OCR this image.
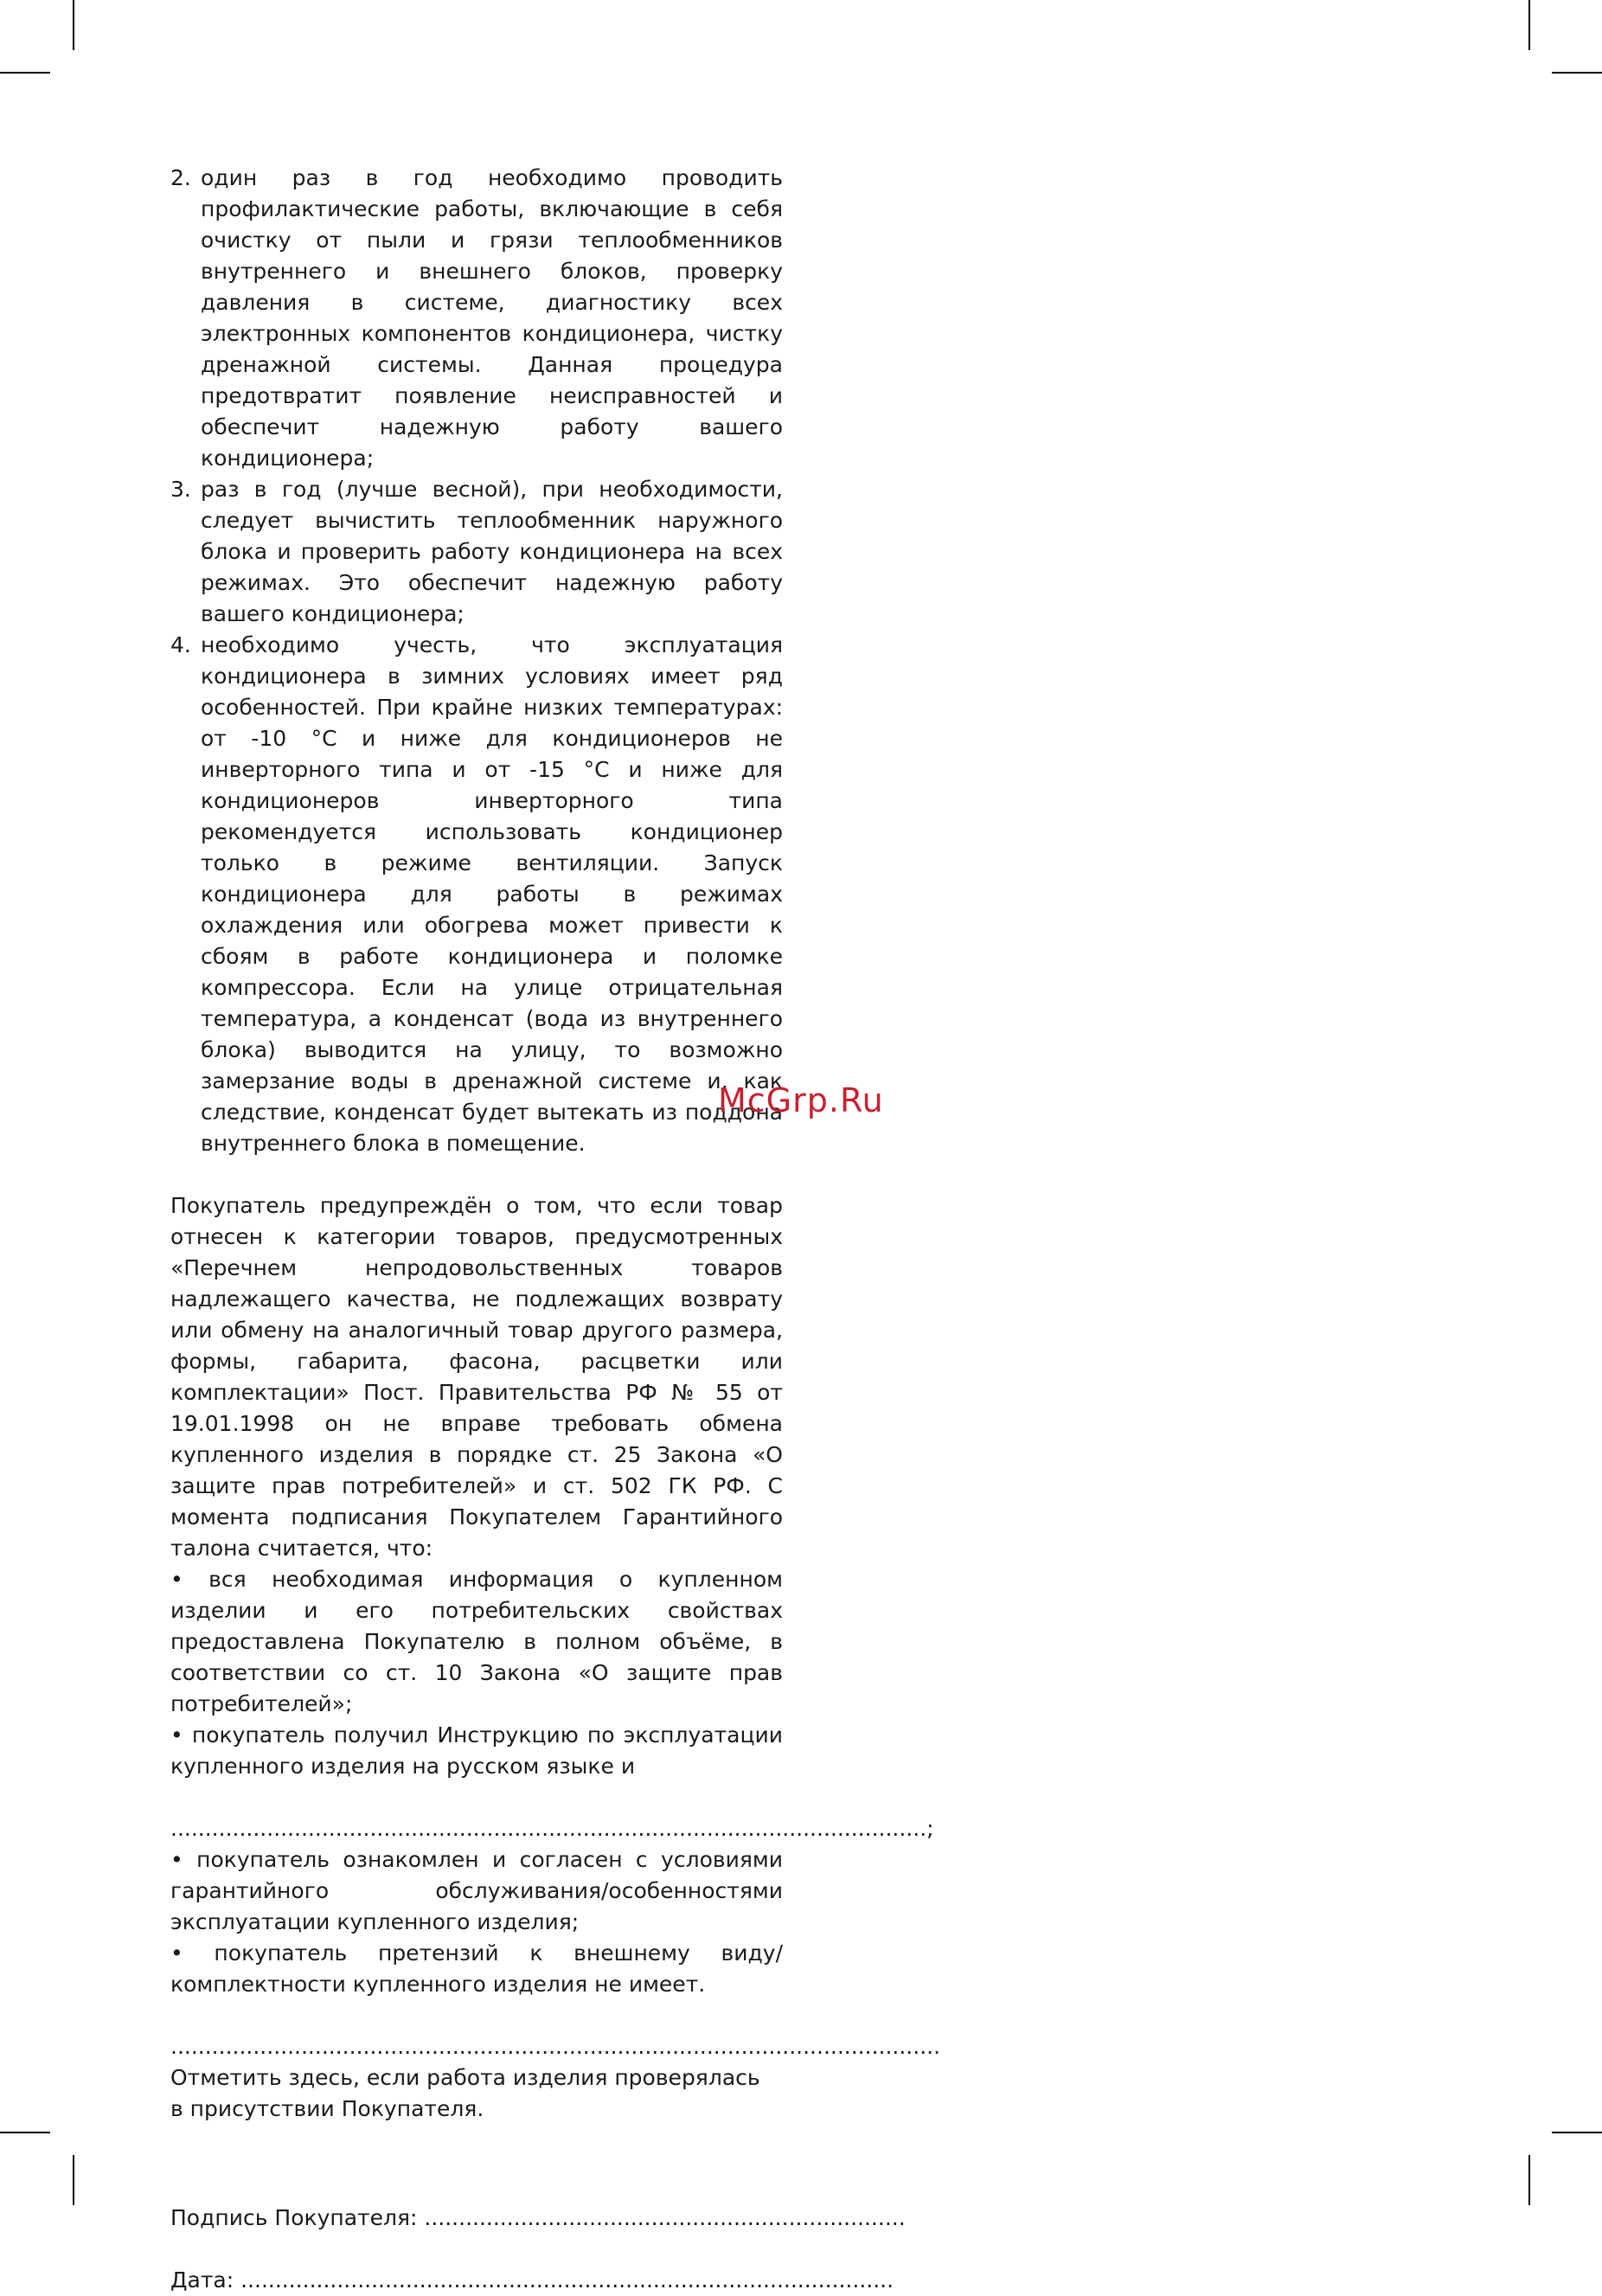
2. один раз в год необходимо проводить профилактические работы, включающие в себя очистку от пыли и грязи теплообменников внутреннего и внешнего блоков, проверку давления в системе, диагностику всех электронных компонентов кондиционера, чистку дренажной системы. Данная процедура предотвратит появление неисправностей и обеспечит надежную работу вашего кондиционера;
3. раз в год (лучше весной), при необходимости, следует вычистить теплообменник наружного блока и проверить работу кондиционера на всех режимах. Это обеспечит надежную работу вашего кондиционера;
4. необходимо учесть, что эксплуатация кондиционера в зимних условиях имеет ряд особенностей. При крайне низких температурах: от -10 °С и ниже для кондиционеров не инверторного типа и от -15 °С и ниже для кондиционеров инверторного типа рекомендуется использовать кондиционер только в режиме вентиляции. Запуск кондиционера для работы в режимах охлаждения или обогрева может привести к сбоям в работе кондиционера и поломке компрессора. Если на улице отрицательная температура, а конденсат (вода из внутреннего блока) выводится на улицу, то возможно замерзание воды в дренажной системе и, как следствие, конденсат будет вытекать из поддона внутреннего блока в помещение.

Покупатель предупреждён о том, что если товар отнесен к категории товаров, предусмотренных «Перечнем непродовольственных товаров надлежащего качества, не подлежащих возврату или обмену на аналогичный товар другого размера, формы, габарита, фасона, расцветки или комплектации» Пост. Правительства РФ № 55 от 19.01.1998 он не вправе требовать обмена купленного изделия в порядке ст. 25 Закона «О защите прав потребителей» и ст. 502 ГК РФ. С момента подписания Покупателем Гарантийного талона считается, что:

• вся необходимая информация о купленном изделии и его потребительских свойствах предоставлена Покупателю в полном объёме, в соответствии со ст. 10 Закона «О защите прав потребителей»;

• покупатель получил Инструкцию по эксплуатации купленного изделия на русском языке и

..............................................................................................................;

• покупатель ознакомлен и согласен с условиями гарантийного обслуживания/особенностями эксплуатации купленного изделия;

• покупатель претензий к внешнему виду/комплектности купленного изделия не имеет.

................................................................................................................

Отметить здесь, если работа изделия проверялась

в присутствии Покупателя.

Подпись Покупателя: ......................................................................

Дата: ...............................................................................................

McGrp.Ru
